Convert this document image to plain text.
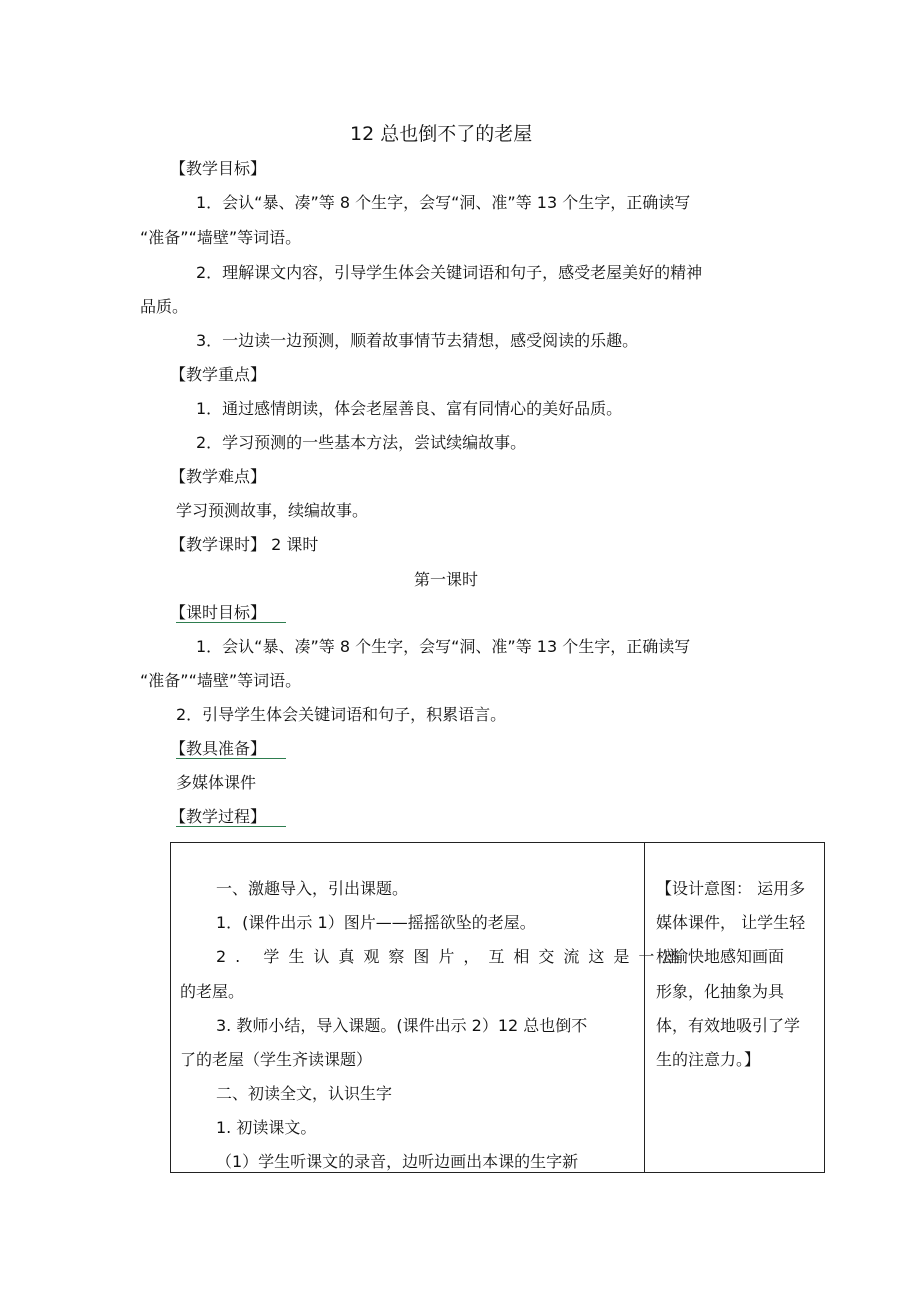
12 总也倒不了的老屋
【教学目标】
1．会认“暴、凑”等 8 个生字，会写“洞、准”等 13 个生字，正确读写
“准备”“墙壁”等词语。
2．理解课文内容，引导学生体会关键词语和句子，感受老屋美好的精神
品质。
3．一边读一边预测，顺着故事情节去猜想，感受阅读的乐趣。
【教学重点】
1．通过感情朗读，体会老屋善良、富有同情心的美好品质。
2．学习预测的一些基本方法，尝试续编故事。
【教学难点】
学习预测故事，续编故事。
【教学课时】 2 课时
第一课时
【课时目标】
1．会认“暴、凑”等 8 个生字，会写“洞、准”等 13 个生字，正确读写
“准备”“墙壁”等词语。
2．引导学生体会关键词语和句子，积累语言。
【教具准备】
多媒体课件
【教学过程】
一、激趣导入，引出课题。
1．(课件出示 1）图片——摇摇欲坠的老屋。
2. 学生认真观察图片，互相交流这是一座
的老屋。
3. 教师小结，导入课题。(课件出示 2）12 总也倒不
了的老屋（学生齐读课题）
二、初读全文，认识生字
1. 初读课文。
（1）学生听课文的录音，边听边画出本课的生字新
【设计意图： 运用多
媒体课件， 让学生轻
松愉快地感知画面
形象，化抽象为具
体，有效地吸引了学
生的注意力。】
